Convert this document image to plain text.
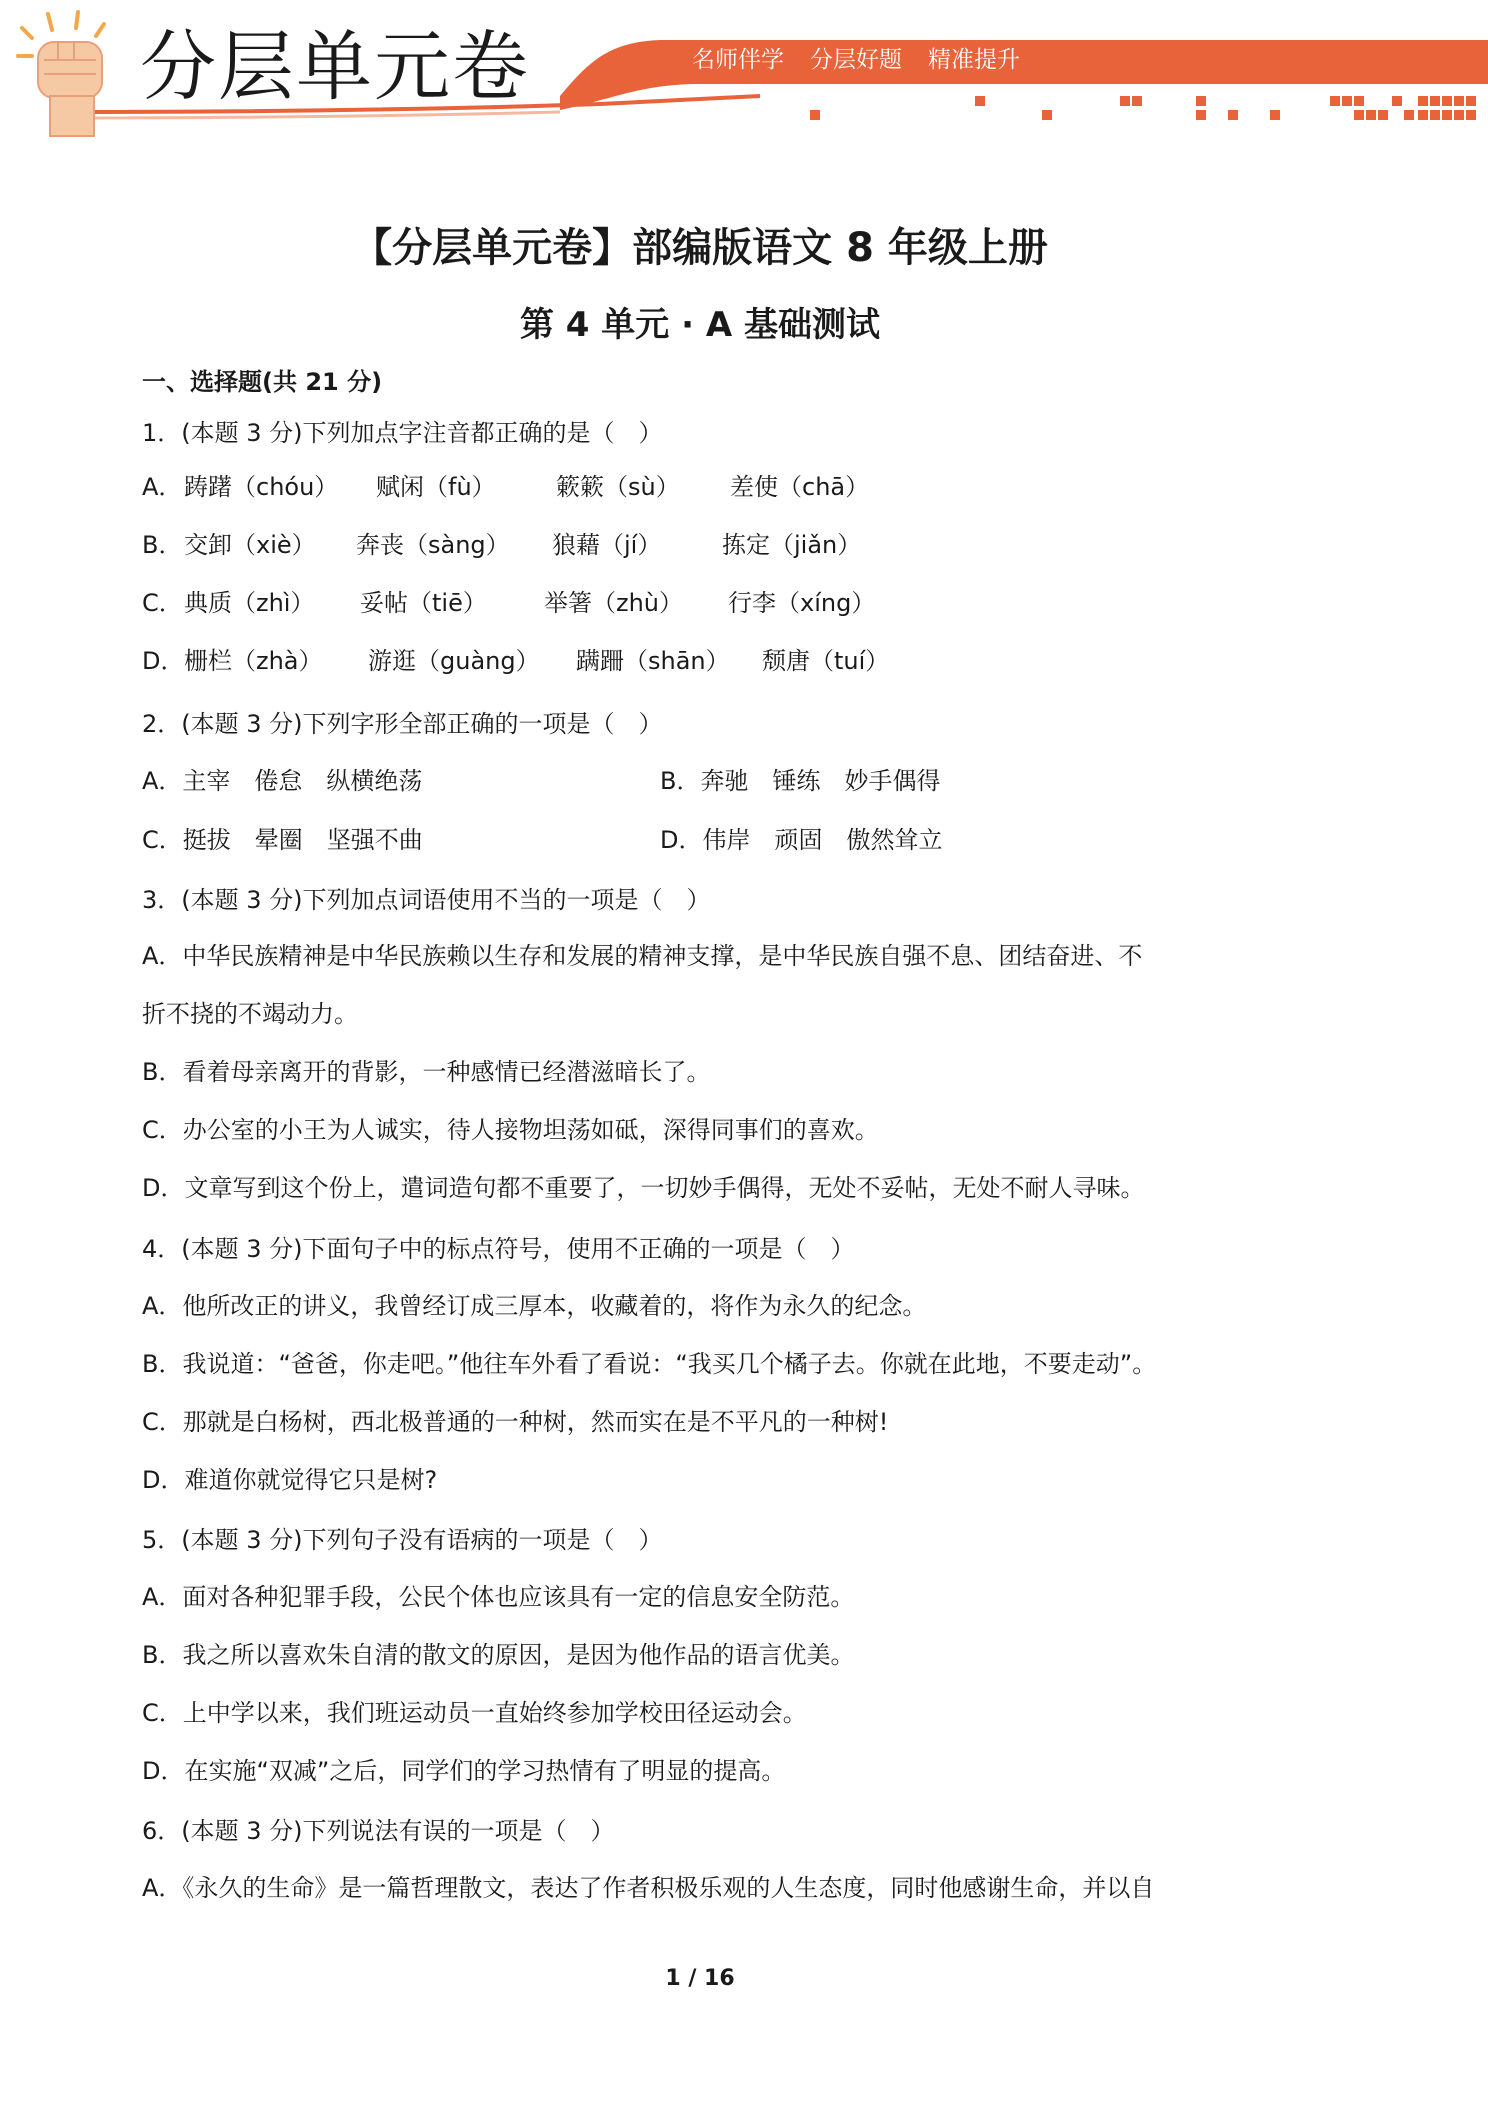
分层单元卷	名师伴学 分层好题 精准提升
【分层单元卷】部编版语文 8 年级上册
第 4 单元 · A 基础测试
一、选择题(共 21 分)
1．(本题 3 分)下列加点字注音都正确的是（　）
A． 踌躇（chóu） 赋闲（fù）	簌簌（sù） 差使（chā）
B． 交卸（xiè） 奔丧（sàng） 狼藉（jí）	拣定（jiǎn）
C． 典质（zhì） 妥帖（tiē） 举箸（zhù） 行李（xíng）
D． 栅栏（zhà） 游逛（guàng） 蹒跚（shān） 颓唐（tuí）
2．(本题 3 分)下列字形全部正确的一项是（　）
A．主宰　倦怠　纵横绝荡	B．奔驰　锤练　妙手偶得
C．挺拔　晕圈　坚强不曲	D．伟岸　顽固　傲然耸立
3．(本题 3 分)下列加点词语使用不当的一项是（　）
A．中华民族精神是中华民族赖以生存和发展的精神支撑，是中华民族自强不息、团结奋进、不
折不挠的不竭动力。
B．看着母亲离开的背影，一种感情已经潜滋暗长了。
C．办公室的小王为人诚实，待人接物坦荡如砥，深得同事们的喜欢。
D．文章写到这个份上，遣词造句都不重要了，一切妙手偶得，无处不妥帖，无处不耐人寻味。
4．(本题 3 分)下面句子中的标点符号，使用不正确的一项是（　）
A．他所改正的讲义，我曾经订成三厚本，收藏着的，将作为永久的纪念。
B．我说道：“爸爸，你走吧。”他往车外看了看说：“我买几个橘子去。你就在此地，不要走动”。
C．那就是白杨树，西北极普通的一种树，然而实在是不平凡的一种树!
D．难道你就觉得它只是树?
5．(本题 3 分)下列句子没有语病的一项是（　）
A．面对各种犯罪手段，公民个体也应该具有一定的信息安全防范。
B．我之所以喜欢朱自清的散文的原因，是因为他作品的语言优美。
C．上中学以来，我们班运动员一直始终参加学校田径运动会。
D．在实施“双减”之后，同学们的学习热情有了明显的提高。
6．(本题 3 分)下列说法有误的一项是（　）
A．《永久的生命》是一篇哲理散文，表达了作者积极乐观的人生态度，同时他感谢生命，并以自
1 / 16
